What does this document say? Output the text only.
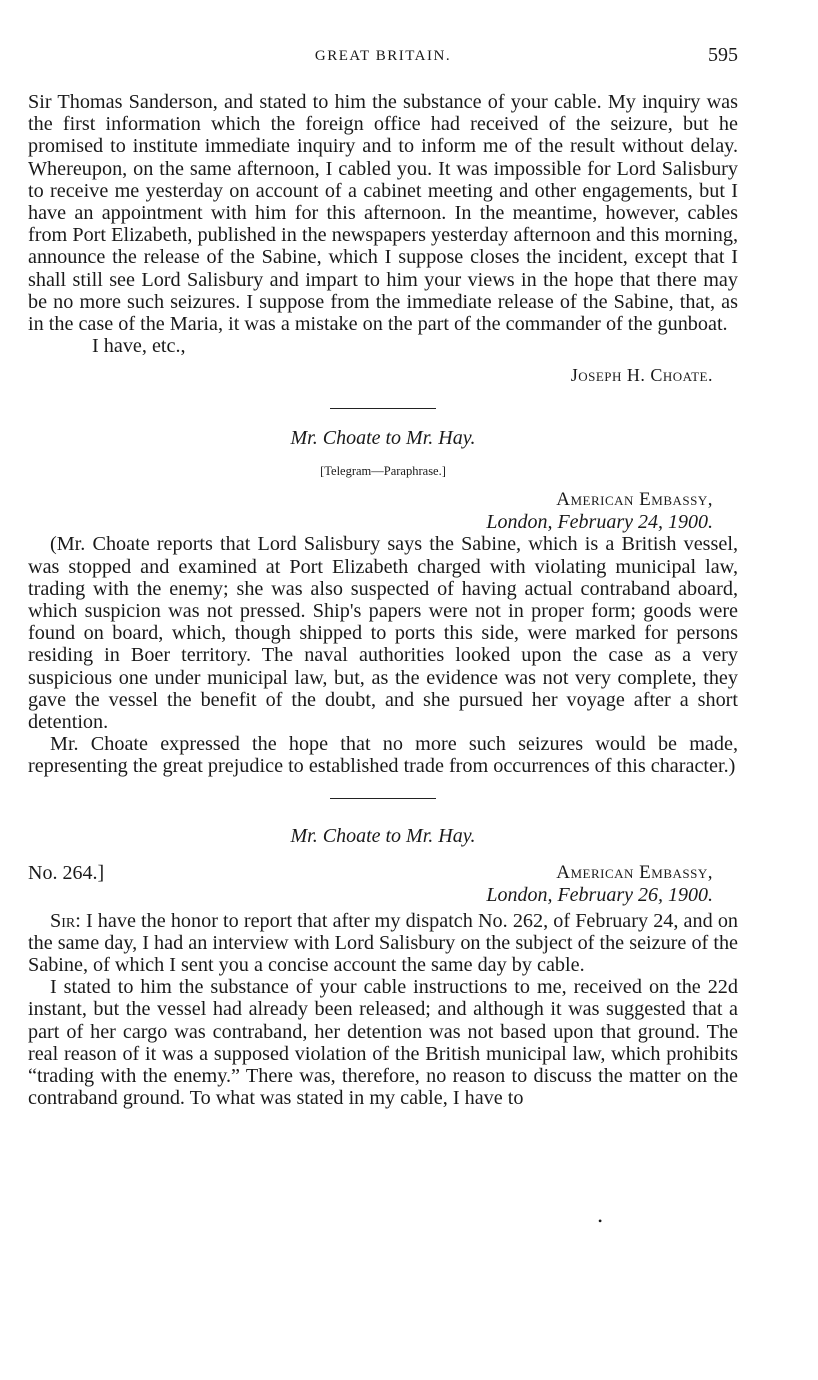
GREAT BRITAIN.	595

Sir Thomas Sanderson, and stated to him the substance of your cable. My inquiry was the first information which the foreign office had received of the seizure, but he promised to institute immediate inquiry and to inform me of the result without delay. Whereupon, on the same afternoon, I cabled you. It was impossible for Lord Salisbury to receive me yesterday on account of a cabinet meeting and other engagements, but I have an appointment with him for this afternoon. In the meantime, however, cables from Port Elizabeth, published in the newspapers yesterday afternoon and this morning, announce the release of the Sabine, which I suppose closes the incident, except that I shall still see Lord Salisbury and impart to him your views in the hope that there may be no more such seizures. I suppose from the immediate release of the Sabine, that, as in the case of the Maria, it was a mistake on the part of the commander of the gunboat.

I have, etc.,

Joseph H. Choate.
Mr. Choate to Mr. Hay.
[Telegram—Paraphrase.]
American Embassy,
London, February 24, 1900.

(Mr. Choate reports that Lord Salisbury says the Sabine, which is a British vessel, was stopped and examined at Port Elizabeth charged with violating municipal law, trading with the enemy; she was also suspected of having actual contraband aboard, which suspicion was not pressed. Ship's papers were not in proper form; goods were found on board, which, though shipped to ports this side, were marked for persons residing in Boer territory. The naval authorities looked upon the case as a very suspicious one under municipal law, but, as the evidence was not very complete, they gave the vessel the benefit of the doubt, and she pursued her voyage after a short detention.

Mr. Choate expressed the hope that no more such seizures would be made, representing the great prejudice to established trade from occurrences of this character.)

Mr. Choate to Mr. Hay.
No. 264.]	American Embassy,
London, February 26, 1900.

Sir: I have the honor to report that after my dispatch No. 262, of February 24, and on the same day, I had an interview with Lord Salisbury on the subject of the seizure of the Sabine, of which I sent you a concise account the same day by cable.

I stated to him the substance of your cable instructions to me, received on the 22d instant, but the vessel had already been released; and although it was suggested that a part of her cargo was contraband, her detention was not based upon that ground. The real reason of it was a supposed violation of the British municipal law, which prohibits “trading with the enemy.” There was, therefore, no reason to discuss the matter on the contraband ground. To what was stated in my cable, I have to

•
